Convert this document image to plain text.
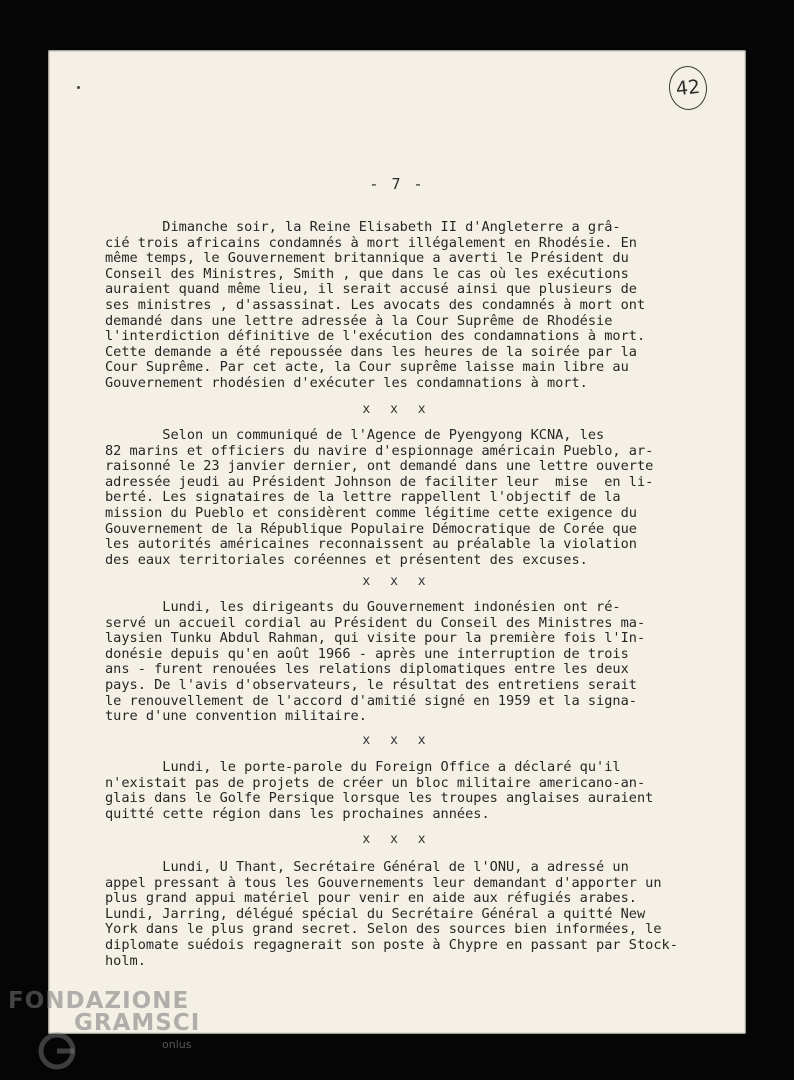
42
- 7 -
Dimanche soir, la Reine Elisabeth II d'Angleterre a grâ-
cié trois africains condamnés à mort illégalement en Rhodésie. En
même temps, le Gouvernement britannique a averti le Président du
Conseil des Ministres, Smith , que dans le cas où les exécutions
auraient quand même lieu, il serait accusé ainsi que plusieurs de
ses ministres , d'assassinat. Les avocats des condamnés à mort ont
demandé dans une lettre adressée à la Cour Suprême de Rhodésie
l'interdiction définitive de l'exécution des condamnations à mort.
Cette demande a été repoussée dans les heures de la soirée par la
Cour Suprême. Par cet acte, la Cour suprême laisse main libre au
Gouvernement rhodésien d'exécuter les condamnations à mort.
x x x
Selon un communiqué de l'Agence de Pyengyong KCNA, les
82 marins et officiers du navire d'espionnage américain Pueblo, ar-
raisonné le 23 janvier dernier, ont demandé dans une lettre ouverte
adressée jeudi au Président Johnson de faciliter leur  mise  en li-
berté. Les signataires de la lettre rappellent l'objectif de la
mission du Pueblo et considèrent comme légitime cette exigence du
Gouvernement de la République Populaire Démocratique de Corée que
les autorités américaines reconnaissent au préalable la violation
des eaux territoriales coréennes et présentent des excuses.
x x x
Lundi, les dirigeants du Gouvernement indonésien ont ré-
servé un accueil cordial au Président du Conseil des Ministres ma-
laysien Tunku Abdul Rahman, qui visite pour la première fois l'In-
donésie depuis qu'en août 1966 - après une interruption de trois
ans - furent renouées les relations diplomatiques entre les deux
pays. De l'avis d'observateurs, le résultat des entretiens serait
le renouvellement de l'accord d'amitié signé en 1959 et la signa-
ture d'une convention militaire.
x x x
Lundi, le porte-parole du Foreign Office a déclaré qu'il
n'existait pas de projets de créer un bloc militaire americano-an-
glais dans le Golfe Persique lorsque les troupes anglaises auraient
quitté cette région dans les prochaines années.
x x x
Lundi, U Thant, Secrétaire Général de l'ONU, a adressé un
appel pressant à tous les Gouvernements leur demandant d'apporter un
plus grand appui matériel pour venir en aide aux réfugiés arabes.
Lundi, Jarring, délégué spécial du Secrétaire Général a quitté New
York dans le plus grand secret. Selon des sources bien informées, le
diplomate suédois regagnerait son poste à Chypre en passant par Stock-
holm.
FONDAZIONE
GRAMSCI
onlus
